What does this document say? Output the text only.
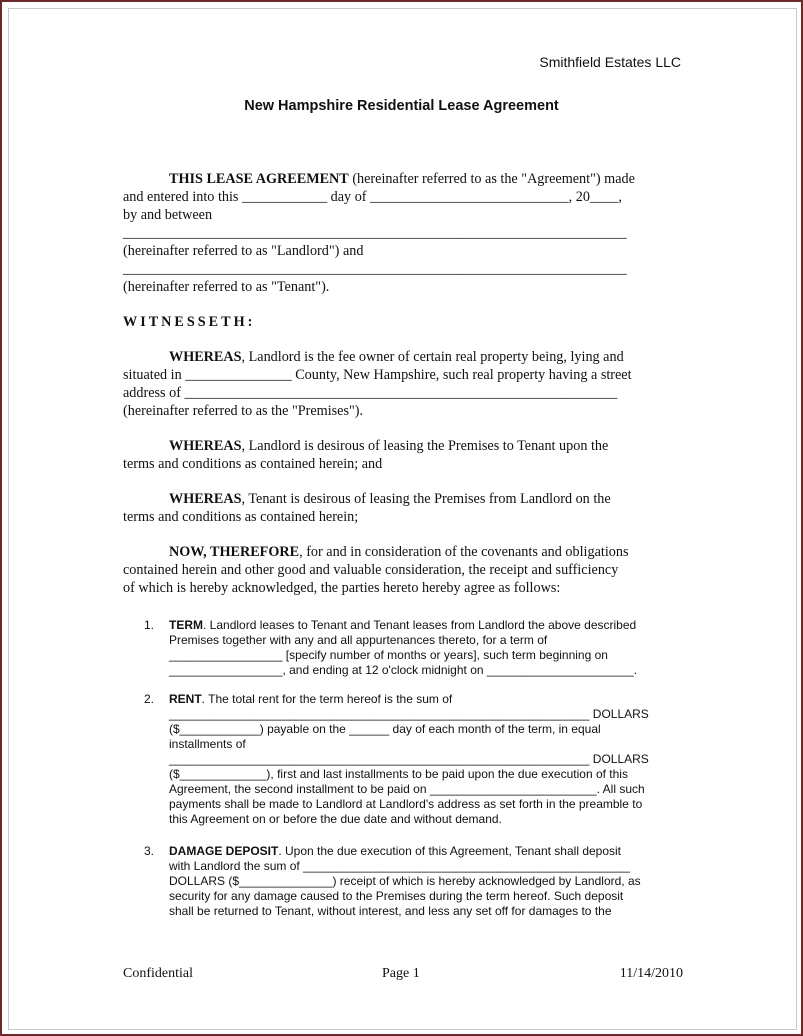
Smithfield Estates LLC
New Hampshire Residential Lease Agreement

THIS LEASE AGREEMENT (hereinafter referred to as the "Agreement") made

and entered into this ____________ day of ____________________________, 20____,

by and between

_______________________________________________________________________

(hereinafter referred to as "Landlord") and

_______________________________________________________________________

(hereinafter referred to as "Tenant").

WITNESSETH:

WHEREAS, Landlord is the fee owner of certain real property being, lying and

situated in _______________ County, New Hampshire, such real property having a street

address of _____________________________________________________________

(hereinafter referred to as the "Premises").

WHEREAS, Landlord is desirous of leasing the Premises to Tenant upon the

terms and conditions as contained herein; and

WHEREAS, Tenant is desirous of leasing the Premises from Landlord on the

terms and conditions as contained herein;

NOW, THEREFORE, for and in consideration of the covenants and obligations

contained herein and other good and valuable consideration, the receipt and sufficiency

of which is hereby acknowledged, the parties hereto hereby agree as follows:

1. TERM. Landlord leases to Tenant and Tenant leases from Landlord the above described

Premises together with any and all appurtenances thereto, for a term of

_________________ [specify number of months or years], such term beginning on

_________________, and ending at 12 o'clock midnight on ______________________.

2. RENT. The total rent for the term hereof is the sum of

_______________________________________________________________ DOLLARS

($____________) payable on the ______ day of each month of the term, in equal

installments of

_______________________________________________________________ DOLLARS

($_____________), first and last installments to be paid upon the due execution of this

Agreement, the second installment to be paid on _________________________. All such

payments shall be made to Landlord at Landlord's address as set forth in the preamble to

this Agreement on or before the due date and without demand.

3. DAMAGE DEPOSIT. Upon the due execution of this Agreement, Tenant shall deposit

with Landlord the sum of _________________________________________________

DOLLARS ($______________) receipt of which is hereby acknowledged by Landlord, as

security for any damage caused to the Premises during the term hereof. Such deposit

shall be returned to Tenant, without interest, and less any set off for damages to the

Confidential	Page 1	11/14/2010
